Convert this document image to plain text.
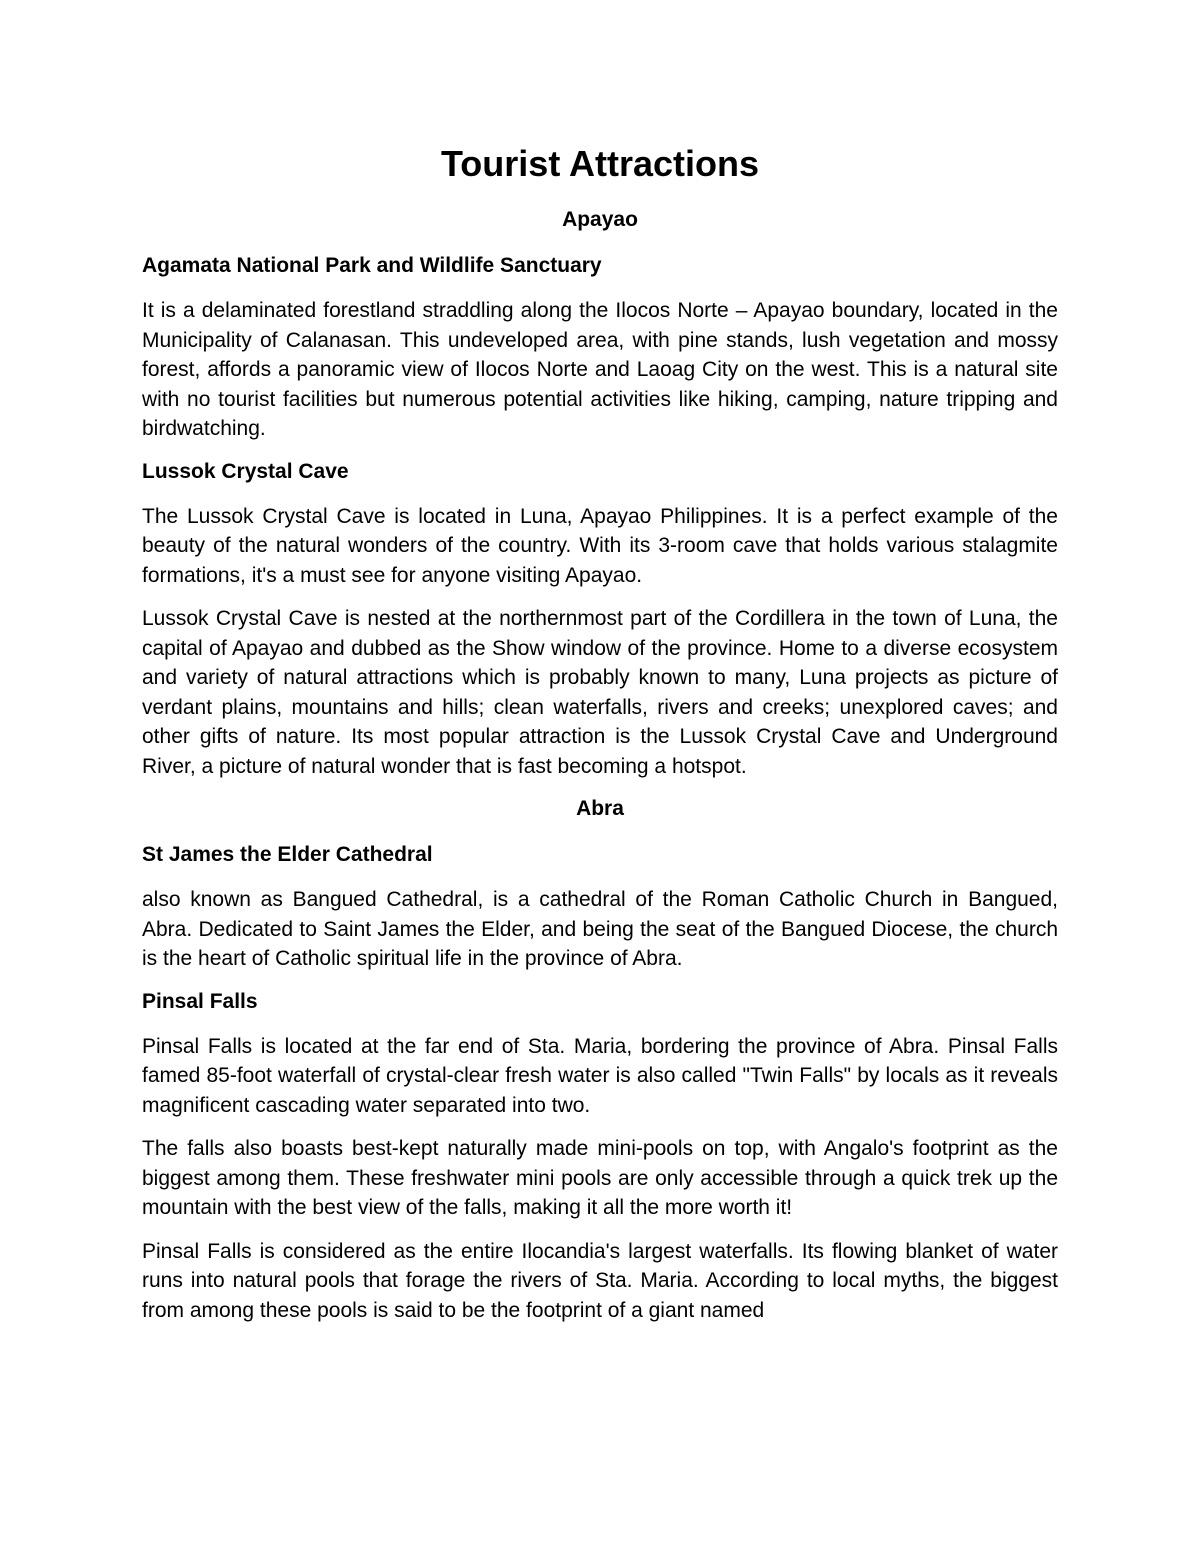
Tourist Attractions
Apayao
Agamata National Park and Wildlife Sanctuary

It is a delaminated forestland straddling along the Ilocos Norte – Apayao boundary, located in the Municipality of Calanasan. This undeveloped area, with pine stands, lush vegetation and mossy forest, affords a panoramic view of Ilocos Norte and Laoag City on the west. This is a natural site with no tourist facilities but numerous potential activities like hiking, camping, nature tripping and birdwatching.

Lussok Crystal Cave

The Lussok Crystal Cave is located in Luna, Apayao Philippines. It is a perfect example of the beauty of the natural wonders of the country. With its 3-room cave that holds various stalagmite formations, it's a must see for anyone visiting Apayao.

Lussok Crystal Cave is nested at the northernmost part of the Cordillera in the town of Luna, the capital of Apayao and dubbed as the Show window of the province. Home to a diverse ecosystem and variety of natural attractions which is probably known to many, Luna projects as picture of verdant plains, mountains and hills; clean waterfalls, rivers and creeks; unexplored caves; and other gifts of nature. Its most popular attraction is the Lussok Crystal Cave and Underground River, a picture of natural wonder that is fast becoming a hotspot.

Abra
St James the Elder Cathedral

also known as Bangued Cathedral, is a cathedral of the Roman Catholic Church in Bangued, Abra. Dedicated to Saint James the Elder, and being the seat of the Bangued Diocese, the church is the heart of Catholic spiritual life in the province of Abra.

Pinsal Falls

Pinsal Falls is located at the far end of Sta. Maria, bordering the province of Abra. Pinsal Falls famed 85-foot waterfall of crystal-clear fresh water is also called "Twin Falls" by locals as it reveals magnificent cascading water separated into two.

The falls also boasts best-kept naturally made mini-pools on top, with Angalo's footprint as the biggest among them. These freshwater mini pools are only accessible through a quick trek up the mountain with the best view of the falls, making it all the more worth it!

Pinsal Falls is considered as the entire Ilocandia's largest waterfalls. Its flowing blanket of water runs into natural pools that forage the rivers of Sta. Maria. According to local myths, the biggest from among these pools is said to be the footprint of a giant named
